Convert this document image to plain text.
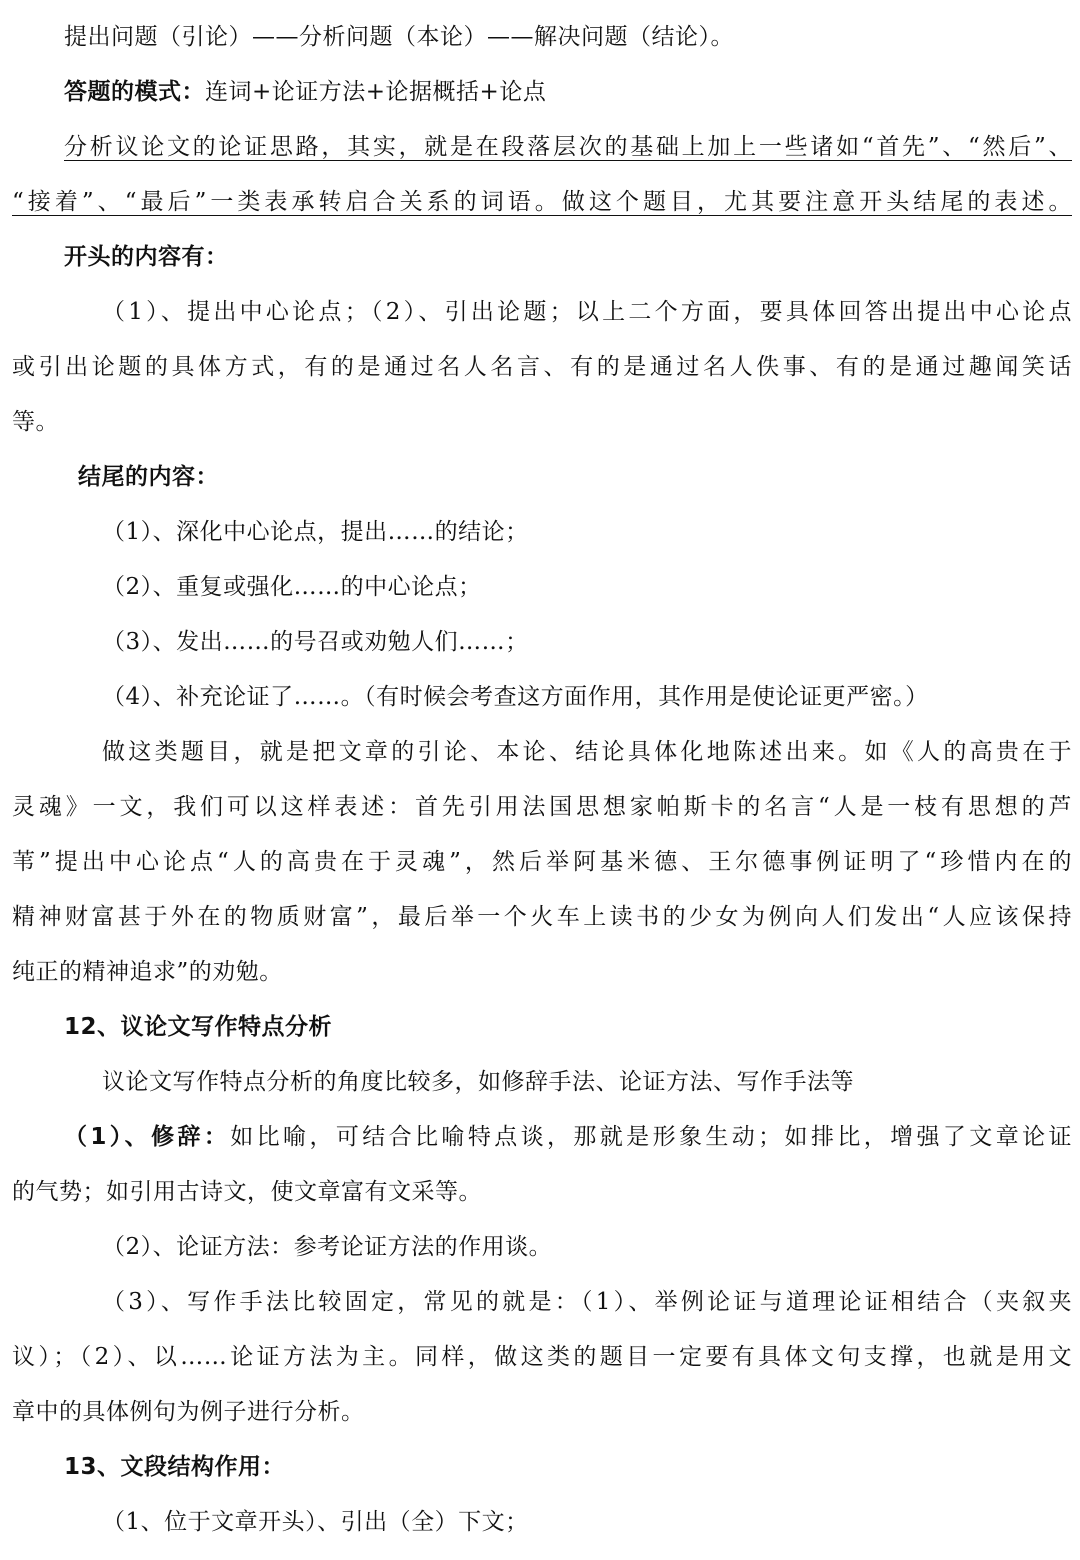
提出问题（引论）——分析问题（本论）——解决问题（结论）。
答题的模式：连词+论证方法+论据概括+论点
分析议论文的论证思路，其实，就是在段落层次的基础上加上一些诸如“首先”、“然后”、
“接着”、“最后”一类表承转启合关系的词语。做这个题目，尤其要注意开头结尾的表述。
开头的内容有：
（1）、提出中心论点；（2）、引出论题；以上二个方面，要具体回答出提出中心论点
或引出论题的具体方式，有的是通过名人名言、有的是通过名人佚事、有的是通过趣闻笑话
等。
结尾的内容：
（1）、深化中心论点，提出……的结论；
（2）、重复或强化……的中心论点；
（3）、发出……的号召或劝勉人们……；
（4）、补充论证了……。（有时候会考查这方面作用，其作用是使论证更严密。）
做这类题目，就是把文章的引论、本论、结论具体化地陈述出来。如《人的高贵在于
灵魂》一文，我们可以这样表述：首先引用法国思想家帕斯卡的名言“人是一枝有思想的芦
苇”提出中心论点“人的高贵在于灵魂”，然后举阿基米德、王尔德事例证明了“珍惜内在的
精神财富甚于外在的物质财富”，最后举一个火车上读书的少女为例向人们发出“人应该保持
纯正的精神追求”的劝勉。
12、议论文写作特点分析
议论文写作特点分析的角度比较多，如修辞手法、论证方法、写作手法等
（1）、修辞：如比喻，可结合比喻特点谈，那就是形象生动；如排比，增强了文章论证
的气势；如引用古诗文，使文章富有文采等。
（2）、论证方法：参考论证方法的作用谈。
（3）、写作手法比较固定，常见的就是：（1）、举例论证与道理论证相结合（夹叙夹
议）；（2）、以……论证方法为主。同样，做这类的题目一定要有具体文句支撑，也就是用文
章中的具体例句为例子进行分析。
13、文段结构作用：
（1、位于文章开头）、引出（全）下文；
